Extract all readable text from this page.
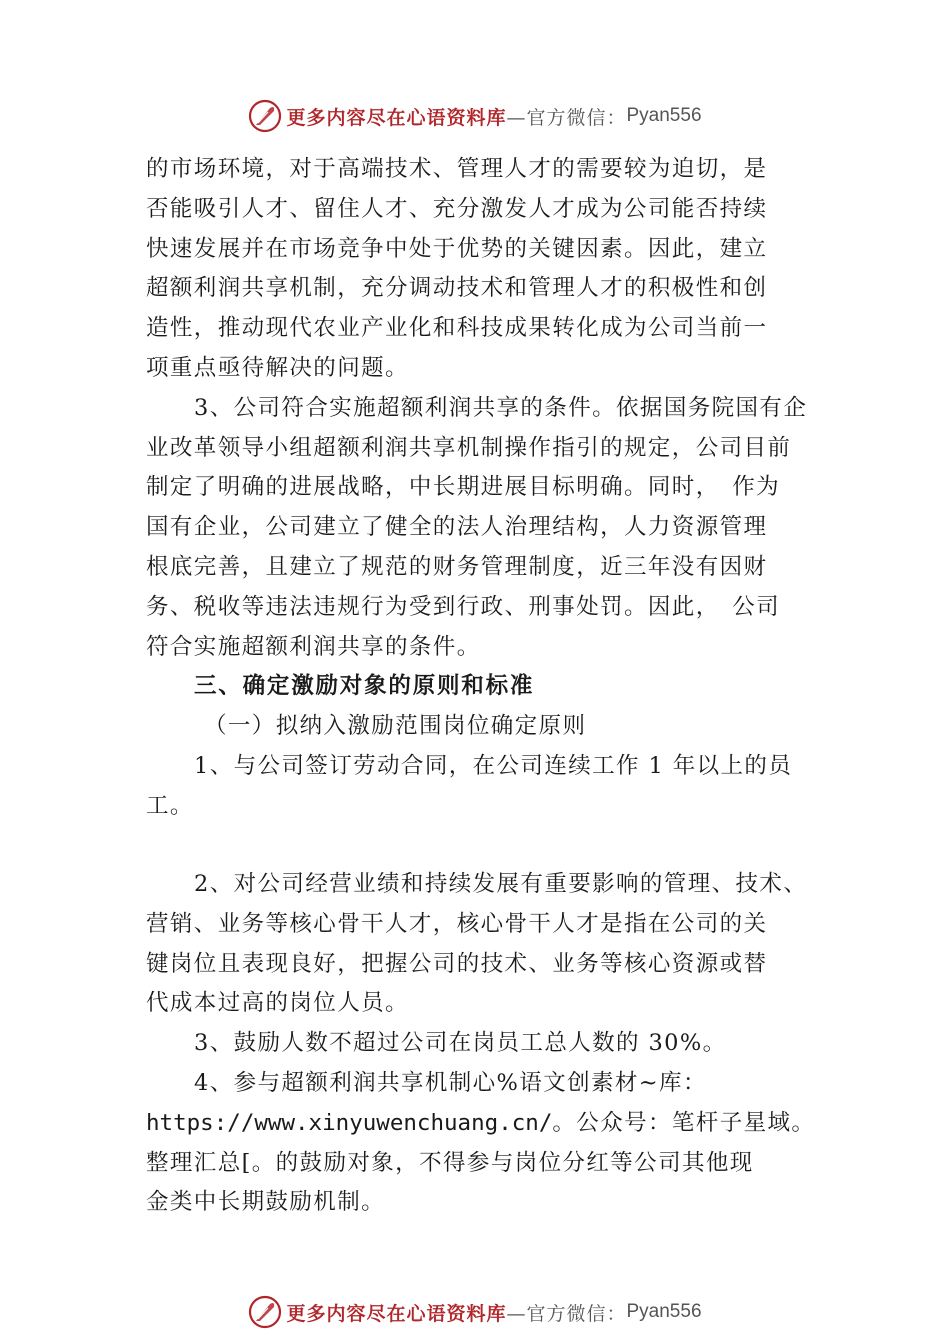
更多内容尽在心语资料库 —官方微信： Pyan556
的市场环境，对于高端技术、管理人才的需要较为迫切，是
否能吸引人才、留住人才、充分激发人才成为公司能否持续
快速发展并在市场竞争中处于优势的关键因素。因此，建立
超额利润共享机制，充分调动技术和管理人才的积极性和创
造性，推动现代农业产业化和科技成果转化成为公司当前一
项重点亟待解决的问题。
3、公司符合实施超额利润共享的条件。依据国务院国有企
业改革领导小组超额利润共享机制操作指引的规定，公司目前
制定了明确的进展战略，中长期进展目标明确。同时，　作为
国有企业，公司建立了健全的法人治理结构，人力资源管理
根底完善，且建立了规范的财务管理制度，近三年没有因财
务、税收等违法违规行为受到行政、刑事处罚。因此，　公司
符合实施超额利润共享的条件。
三、确定激励对象的原则和标准
（一）拟纳入激励范围岗位确定原则
1、与公司签订劳动合同，在公司连续工作 1 年以上的员
工。
2、对公司经营业绩和持续发展有重要影响的管理、技术、
营销、业务等核心骨干人才，核心骨干人才是指在公司的关
键岗位且表现良好，把握公司的技术、业务等核心资源或替
代成本过高的岗位人员。
3、鼓励人数不超过公司在岗员工总人数的 30%。
4、参与超额利润共享机制心%语文创素材~库：
https://www.xinyuwenchuang.cn/。公众号：笔杆子星域。
整理汇总[。的鼓励对象，不得参与岗位分红等公司其他现
金类中长期鼓励机制。
更多内容尽在心语资料库 —官方微信： Pyan556
